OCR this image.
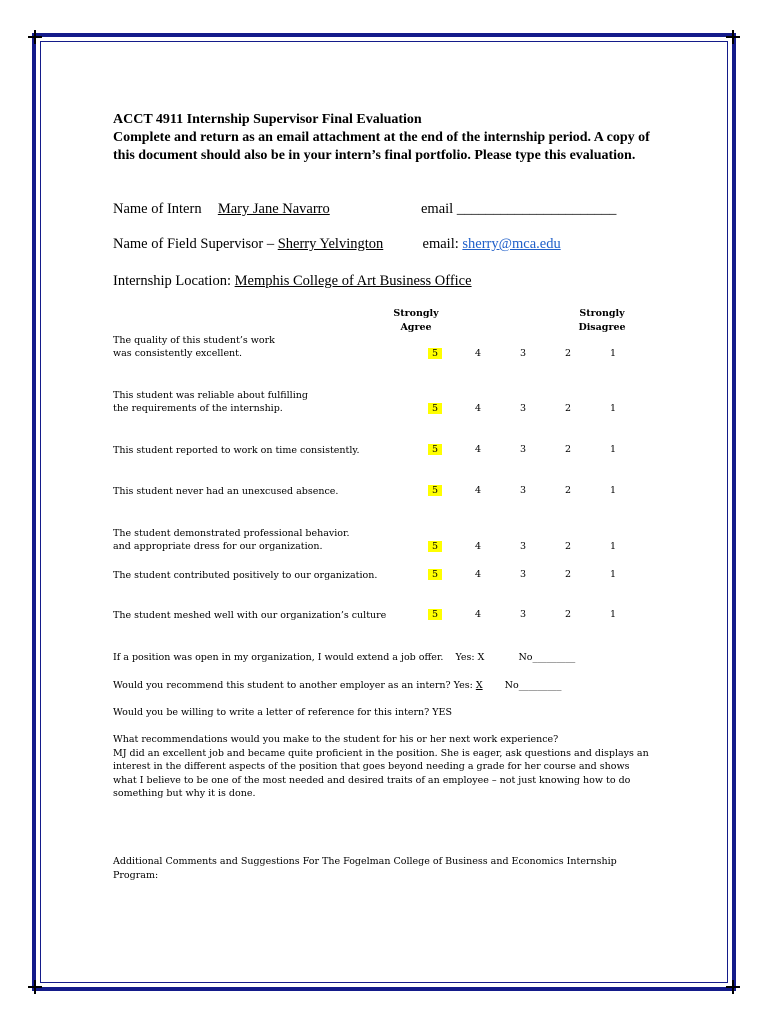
ACCT 4911 Internship Supervisor Final Evaluation

Complete and return as an email attachment at the end of the internship period. A copy of this document should also be in your intern’s final portfolio. Please type this evaluation.

Name of Intern Mary Jane Navarro	email ______________________
Name of Field Supervisor – Sherry Yelvington	email: sherry@mca.edu
Internship Location: Memphis College of Art Business Office
Strongly
Agree
Strongly
Disagree
The quality of this student’s work
was consistently excellent.	5	4	3	2	1
This student was reliable about fulfilling
the requirements of the internship.	5	4	3	2	1
This student reported to work on time consistently.	5	4	3	2	1
This student never had an unexcused absence.	5	4	3	2	1
The student demonstrated professional behavior.
and appropriate dress for our organization.	5	4	3	2	1
The student contributed positively to our organization.	5	4	3	2	1
The student meshed well with our organization’s culture	5	4	3	2	1
If a position was open in my organization, I would extend a job offer. Yes: X	No_________
Would you recommend this student to another employer as an intern? Yes: X No_________
Would you be willing to write a letter of reference for this intern? YES
What recommendations would you make to the student for his or her next work experience?
MJ did an excellent job and became quite proficient in the position. She is eager, ask questions and displays an interest in the different aspects of the position that goes beyond needing a grade for her course and shows what I believe to be one of the most needed and desired traits of an employee – not just knowing how to do something but why it is done.
Additional Comments and Suggestions For The Fogelman College of Business and Economics Internship Program:
